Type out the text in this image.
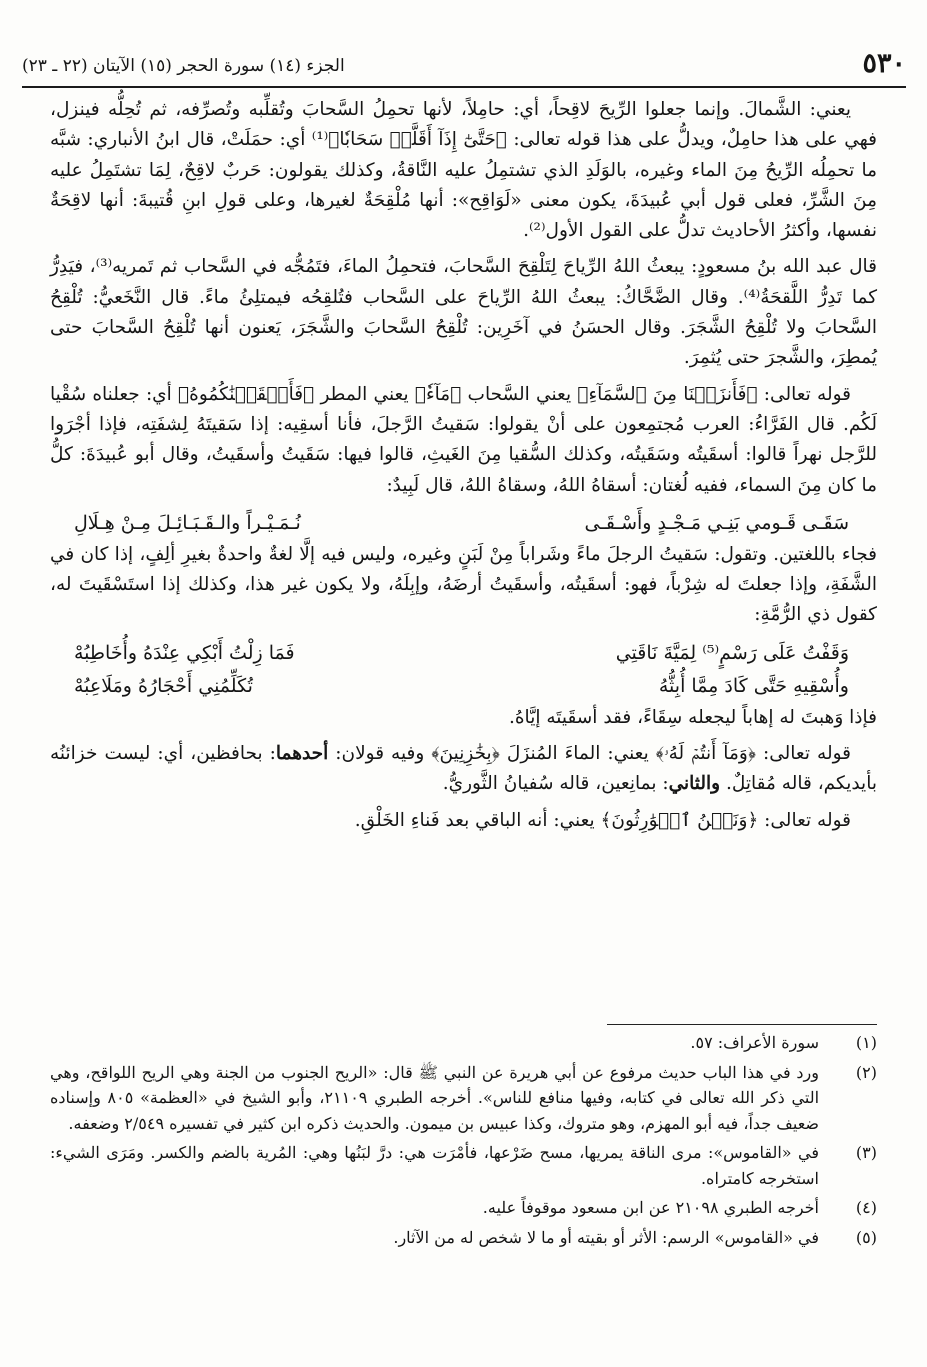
٥٣٠
الجزء (١٤) سورة الحجر (١٥) الآيتان (٢٢ ـ ٢٣)

يعني: الشَّمالَ. وإنما جعلوا الرِّيحَ لاقِحاً، أي: حامِلاً، لأنها تحمِلُ السَّحابَ وتُقلِّبه وتُصرِّفه، ثم تُحِلُّه فينزل، فهي على هذا حامِلٌ، ويدلُّ على هذا قوله تعالى: ﴿حَتَّىٰٓ إِذَآ أَقَلَّتۡ سَحَابٗا﴾⁽¹⁾ أي: حمَلَتْ، قال ابنُ الأنباري: شبَّه ما تحمِلُه الرِّيحُ مِنَ الماء وغيره، بالوَلَدِ الذي تشتمِلُ عليه النَّاقةُ، وكذلك يقولون: حَربٌ لاقِحٌ، لِمَا تشتَمِلُ عليه مِنَ الشَّرِّ، فعلى قول أبي عُبيدَةَ، يكون معنى «لَوَاقِح»: أنها مُلْقِحَةٌ لغيرها، وعلى قولِ ابنِ قُتيبةَ: أنها لاقِحَةٌ نفسها، وأكثرُ الأحاديث تدلُّ على القول الأول⁽²⁾.

قال عبد الله بنُ مسعودٍ: يبعثُ اللهُ الرِّياحَ لِتَلْقِحَ السَّحابَ، فتحمِلُ الماءَ، فتَمُجُّه في السَّحاب ثم تَمريه⁽³⁾، فيَدِرُّ كما تَدِرُّ اللَّقحَةُ⁽⁴⁾. وقال الضَّحَّاكُ: يبعثُ اللهُ الرِّياحَ على السَّحاب فتُلقِحُه فيمتلِئُ ماءً. قال النَّخَعيُّ: تُلْقِحُ السَّحابَ ولا تُلْقِحُ الشَّجَرَ. وقال الحسَنُ في آخَرِين: تُلْقِحُ السَّحابَ والشَّجَرَ، يَعنون أنها تُلْقِحُ السَّحابَ حتى يُمطِرَ، والشَّجرَ حتى يُثمِرَ.

قوله تعالى: ﴿فَأَنزَلۡنَا مِنَ ٱلسَّمَآءِ﴾ يعني السَّحاب ﴿مَآءٗ﴾ يعني المطر ﴿فَأَسۡقَيۡنَٰكُمُوهُ﴾ أي: جعلناه سُقْيا لَكُم. قال الفَرَّاءُ: العرب مُجتمِعون على أنْ يقولوا: سَقيتُ الرَّجلَ، فأنا أسقِيه: إذا سَقيتَهُ لِشفَتِه، فإذا أجْرَوا للرَّجل نهراً قالوا: أسقَيتُه وسَقَيتُه، وكذلك السُّقيا مِنَ الغَيثِ، قالوا فيها: سَقَيتُ وأسقَيتُ، وقال أبو عُبيدَةَ: كلُّ ما كان مِنَ السماء، ففيه لُغتان: أسقاهُ اللهُ، وسقاهُ اللهُ، قال لَبِيدٌ:

سَقَـى قَـومي بَنِـي مَـجْـدٍ وأَسْـقَـى
نُـمَـيْـراً والـقَـبَـائِـلَ مِـنْ هِـلَالِ

فجاء باللغتين. وتقول: سَقيتُ الرجلَ ماءً وشَراباً مِنْ لَبَنٍ وغيره، وليس فيه إلَّا لغةٌ واحدةٌ بغيرِ ألِفٍ، إذا كان في الشَّفَةِ، وإذا جعلتَ له شِرْباً، فهو: أسقَيتُه، وأسقَيتُ أرضَهُ، وإبِلَهُ، ولا يكون غير هذا، وكذلك إذا استَسْقَيتَ له، كقول ذي الرُّمَّةِ:

وَقَفْتُ عَلَى رَسْمٍ⁽⁵⁾ لِمَيَّةَ نَاقَتِي
فَمَا زِلْتُ أَبْكِي عِنْدَهُ وأُخَاطِبُهْ
وأُسْقِيهِ حَتَّى كَادَ مِمَّا أُبِثُّهُ
تُكَلِّمُنِي أَحْجَارُهُ ومَلَاعِبُهْ

فإذا وَهبتَ له إهاباً ليجعله سِقَاءً، فقد أسقَيتَه إيَّاهُ.

قوله تعالى: ﴿وَمَآ أَنتُمۡ لَهُۥ﴾ يعني: الماءَ المُنزَلَ ﴿بِخَٰزِنِينَ﴾ وفيه قولان: أحدهما: بحافظين، أي: ليست خزائنُه بأيديكم، قاله مُقاتِلٌ. والثاني: بمانِعين، قاله سُفيانُ الثَّوريُّ.

قوله تعالى: ﴿وَنَحۡنُ ٱلۡوَٰرِثُونَ﴾ يعني: أنه الباقي بعد فَناءِ الخَلْقِ.

(١)
سورة الأعراف: ٥٧.
(٢)
ورد في هذا الباب حديث مرفوع عن أبي هريرة عن النبي ﷺ قال: «الريح الجنوب من الجنة وهي الريح اللواقح، وهي التي ذكر الله تعالى في كتابه، وفيها منافع للناس». أخرجه الطبري ٢١١٠٩، وأبو الشيخ في «العظمة» ٨٠٥ وإسناده ضعيف جداً، فيه أبو المهزم، وهو متروك، وكذا عبيس بن ميمون. والحديث ذكره ابن كثير في تفسيره ٢/٥٤٩ وضعفه.
(٣)
في «القاموس»: مرى الناقة يمريها، مسح ضَرْعها، فأمْرَت هي: درَّ لبَنُها وهي: المُرية بالضم والكسر. ومَرَى الشيء: استخرجه كامتراه.
(٤)
أخرجه الطبري ٢١٠٩٨ عن ابن مسعود موقوفاً عليه.
(٥)
في «القاموس» الرسم: الأثر أو بقيته أو ما لا شخص له من الآثار.
